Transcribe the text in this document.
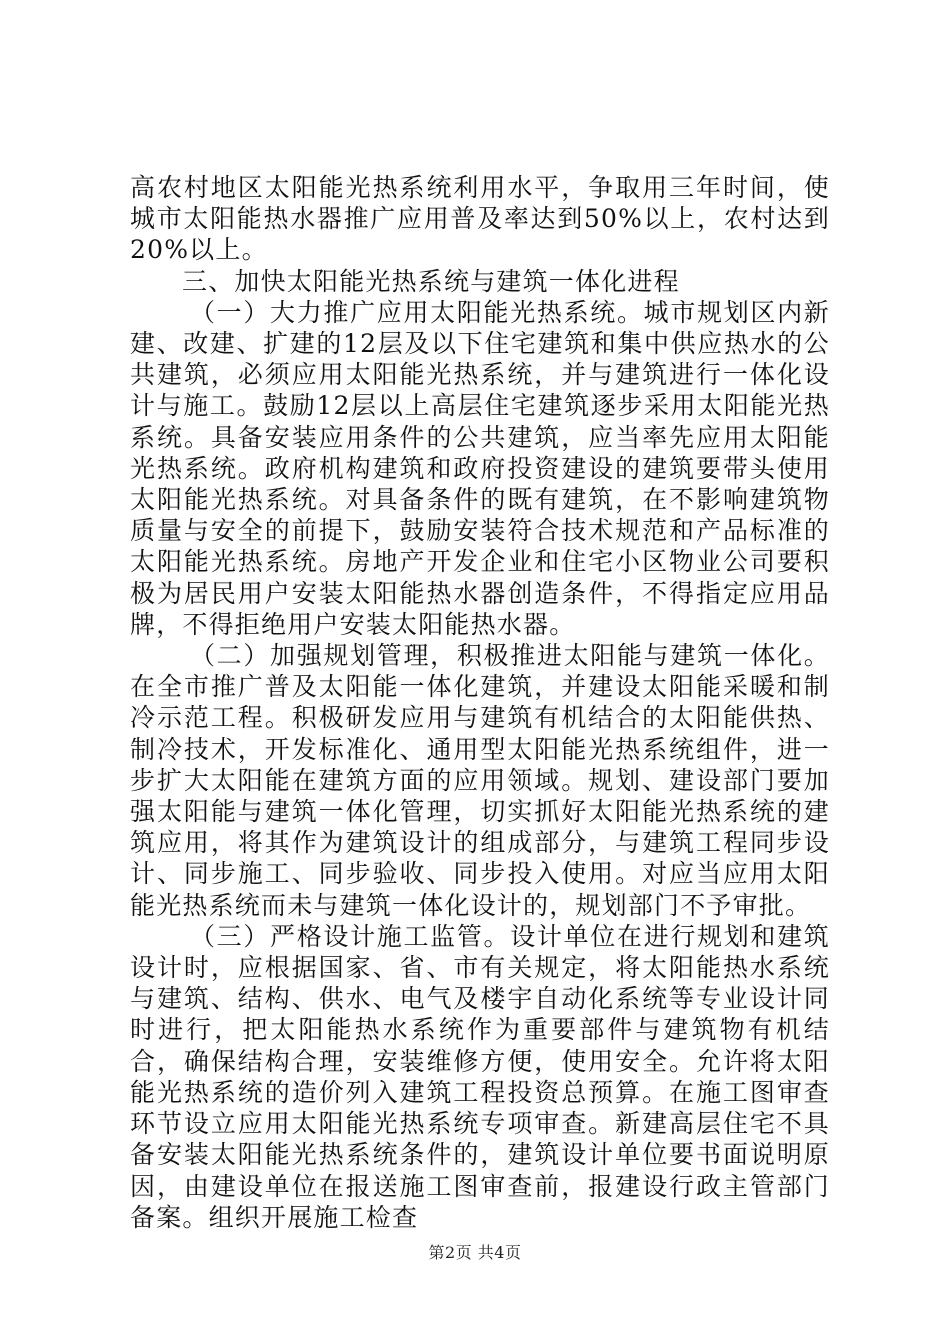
高农村地区太阳能光热系统利用水平，争取用三年时间，使城市太阳能热水器推广应用普及率达到50%以上，农村达到20%以上。

三、加快太阳能光热系统与建筑一体化进程

（一）大力推广应用太阳能光热系统。城市规划区内新建、改建、扩建的12层及以下住宅建筑和集中供应热水的公共建筑，必须应用太阳能光热系统，并与建筑进行一体化设计与施工。鼓励12层以上高层住宅建筑逐步采用太阳能光热系统。具备安装应用条件的公共建筑，应当率先应用太阳能光热系统。政府机构建筑和政府投资建设的建筑要带头使用太阳能光热系统。对具备条件的既有建筑，在不影响建筑物质量与安全的前提下，鼓励安装符合技术规范和产品标准的太阳能光热系统。房地产开发企业和住宅小区物业公司要积极为居民用户安装太阳能热水器创造条件，不得指定应用品牌，不得拒绝用户安装太阳能热水器。

（二）加强规划管理，积极推进太阳能与建筑一体化。在全市推广普及太阳能一体化建筑，并建设太阳能采暖和制冷示范工程。积极研发应用与建筑有机结合的太阳能供热、制冷技术，开发标准化、通用型太阳能光热系统组件，进一步扩大太阳能在建筑方面的应用领域。规划、建设部门要加强太阳能与建筑一体化管理，切实抓好太阳能光热系统的建筑应用，将其作为建筑设计的组成部分，与建筑工程同步设计、同步施工、同步验收、同步投入使用。对应当应用太阳能光热系统而未与建筑一体化设计的，规划部门不予审批。

（三）严格设计施工监管。设计单位在进行规划和建筑设计时，应根据国家、省、市有关规定，将太阳能热水系统与建筑、结构、供水、电气及楼宇自动化系统等专业设计同时进行，把太阳能热水系统作为重要部件与建筑物有机结合，确保结构合理，安装维修方便，使用安全。允许将太阳能光热系统的造价列入建筑工程投资总预算。在施工图审查环节设立应用太阳能光热系统专项审查。新建高层住宅不具备安装太阳能光热系统条件的，建筑设计单位要书面说明原因，由建设单位在报送施工图审查前，报建设行政主管部门备案。组织开展施工检查

第2页 共4页
